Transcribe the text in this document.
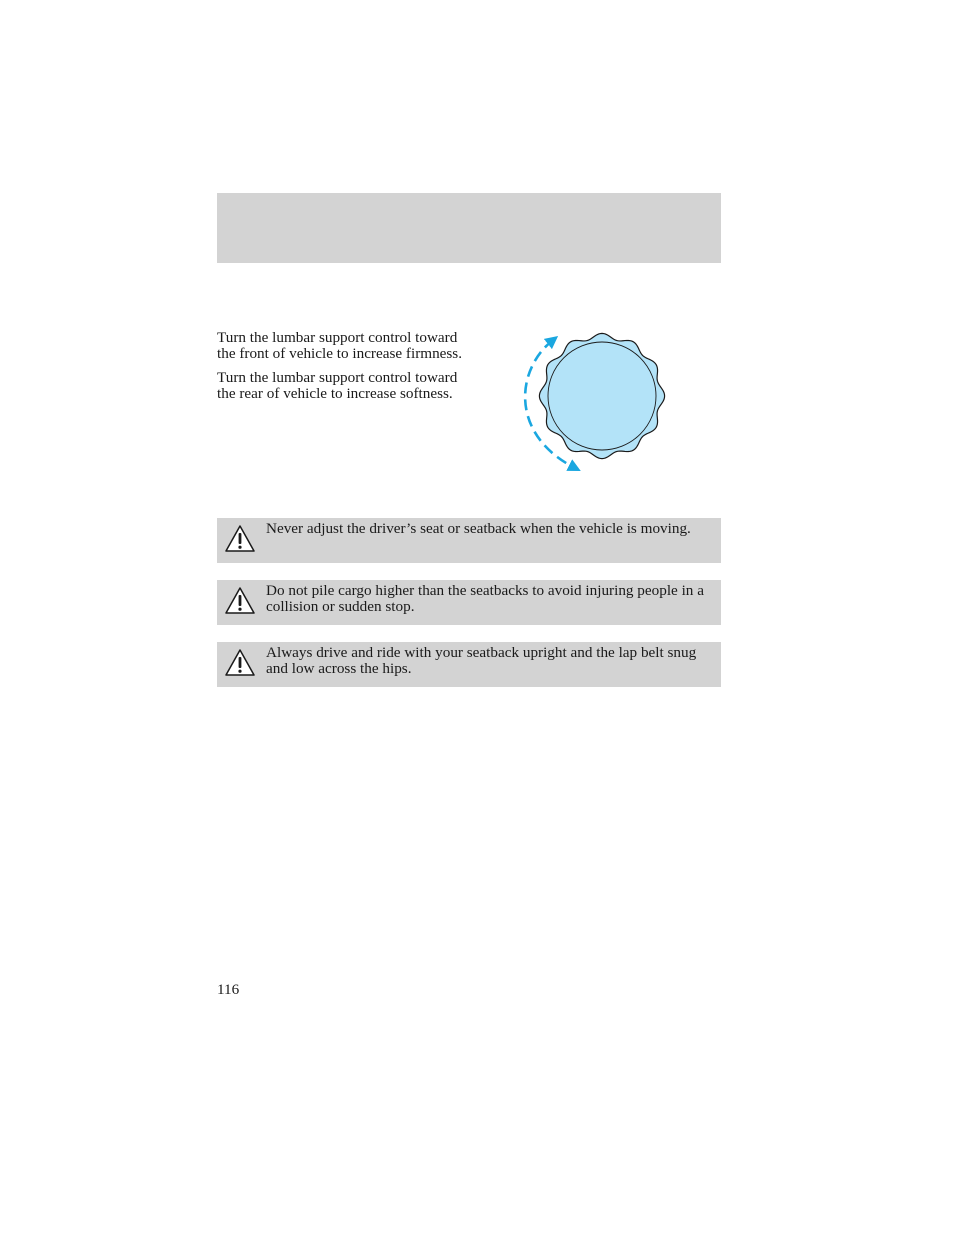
Turn the lumbar support control toward the front of vehicle to increase firmness.

Turn the lumbar support control toward the rear of vehicle to increase softness.

Never adjust the driver’s seat or seatback when the vehicle is moving.
Do not pile cargo higher than the seatbacks to avoid injuring people in a collision or sudden stop.
Always drive and ride with your seatback upright and the lap belt snug and low across the hips.
116
